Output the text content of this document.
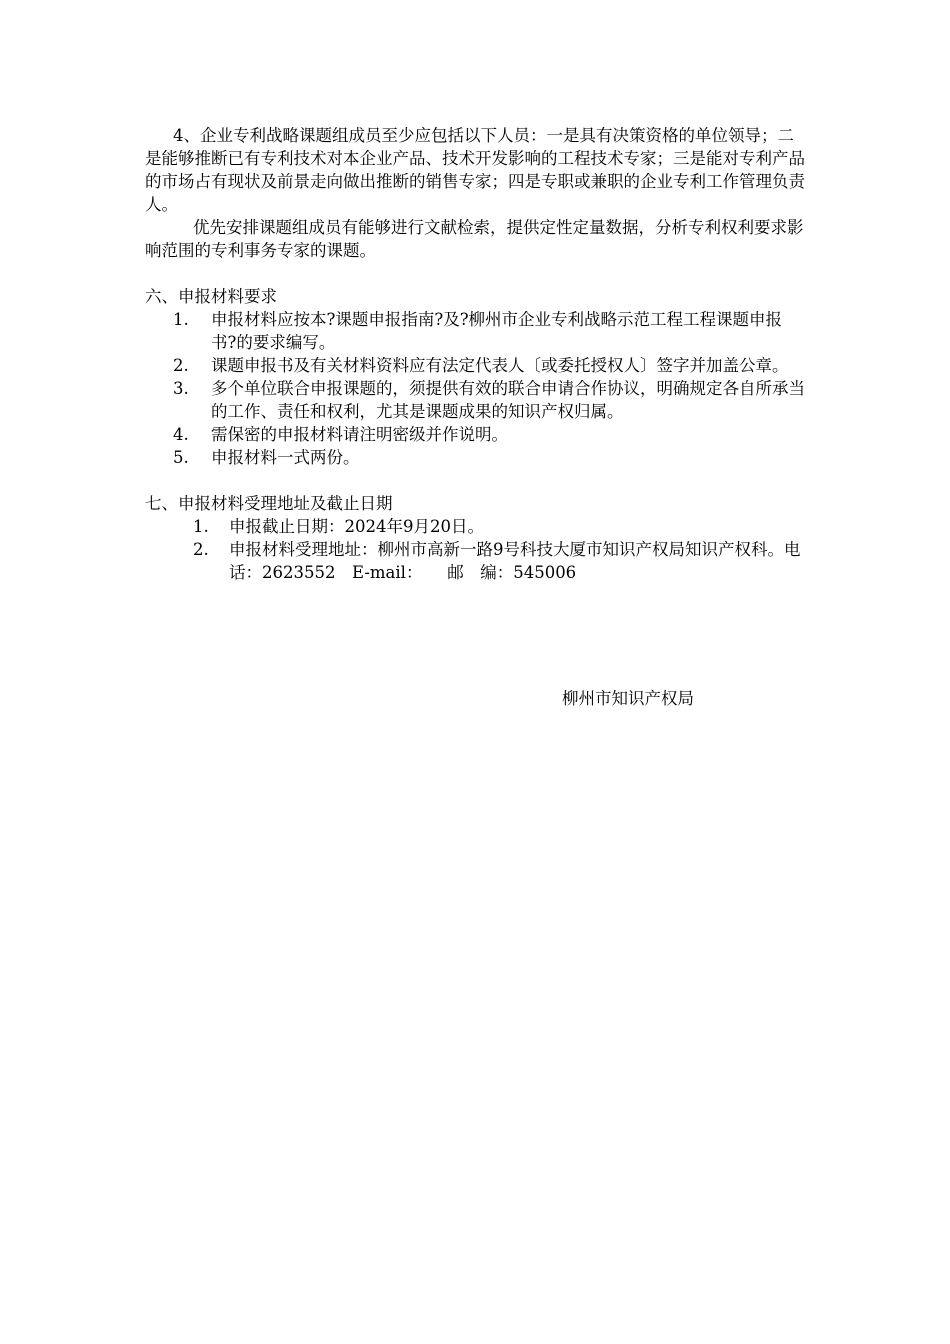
4、企业专利战略课题组成员至少应包括以下人员：一是具有决策资格的单位领导；二是能够推断已有专利技术对本企业产品、技术开发影响的工程技术专家；三是能对专利产品的市场占有现状及前景走向做出推断的销售专家；四是专职或兼职的企业专利工作管理负责人。

优先安排课题组成员有能够进行文献检索，提供定性定量数据，分析专利权利要求影响范围的专利事务专家的课题。

六、申报材料要求

1.	申报材料应按本?课题申报指南?及?柳州市企业专利战略示范工程工程课题申报书?的要求编写。
2.	课题申报书及有关材料资料应有法定代表人〔或委托授权人〕签字并加盖公章。
3.	多个单位联合申报课题的，须提供有效的联合申请合作协议，明确规定各自所承当的工作、责任和权利，尤其是课题成果的知识产权归属。
4.	需保密的申报材料请注明密级并作说明。
5.	申报材料一式两份。

七、申报材料受理地址及截止日期

1.	申报截止日期：2024年9月20日。
2.	申报材料受理地址：柳州市高新一路9号科技大厦市知识产权局知识产权科。电　话：2623552　E-mail：　　邮　编：545006
柳州市知识产权局
